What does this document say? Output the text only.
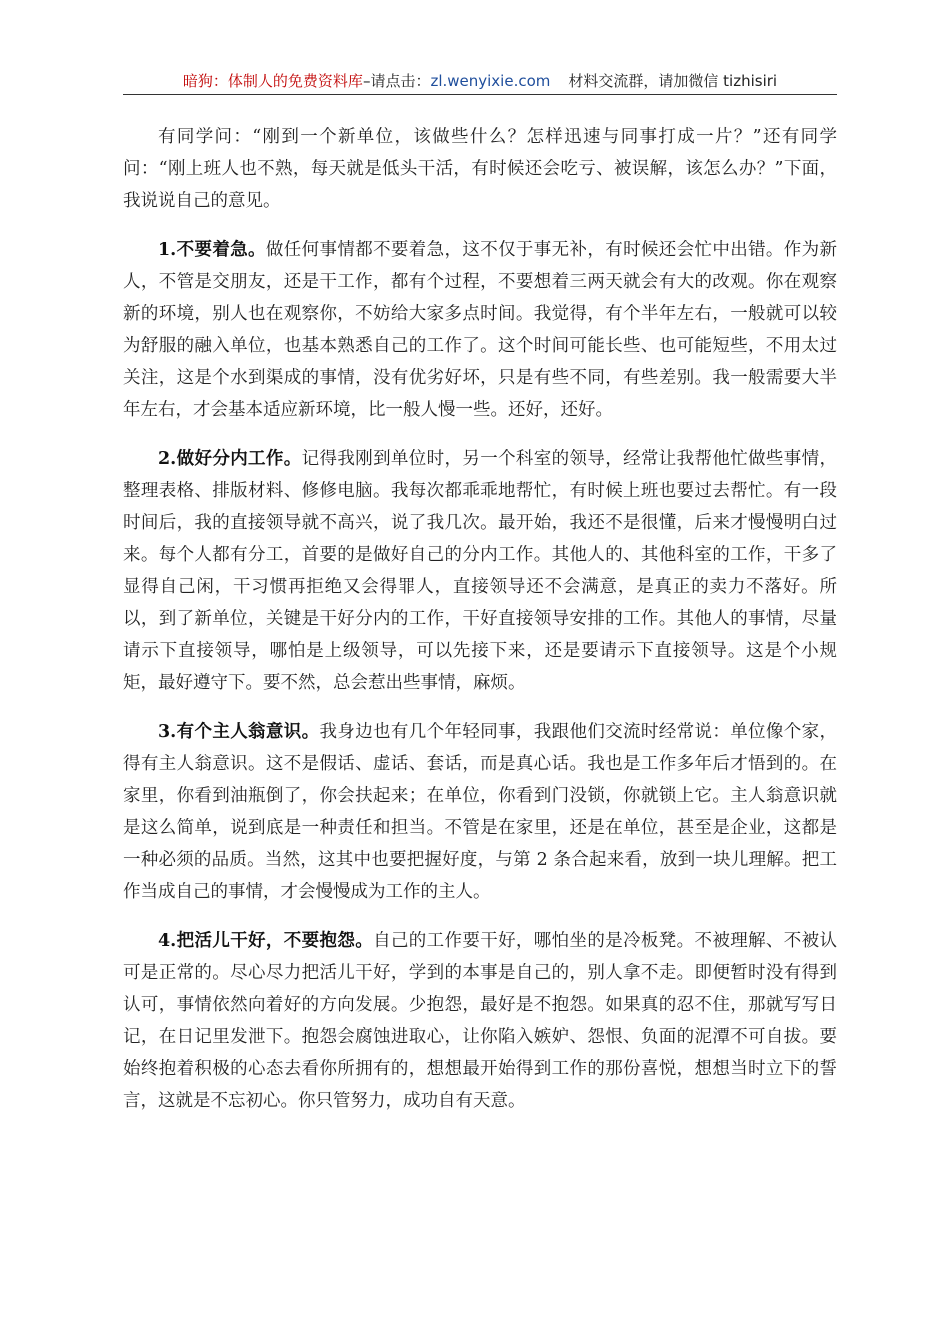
暗狗：体制人的免费资料库–请点击：zl.wenyixie.com 材料交流群，请加微信 tizhisiri

有同学问：“刚到一个新单位，该做些什么？怎样迅速与同事打成一片？”还有同学问：“刚上班人也不熟，每天就是低头干活，有时候还会吃亏、被误解，该怎么办？”下面，我说说自己的意见。

1.不要着急。做任何事情都不要着急，这不仅于事无补，有时候还会忙中出错。作为新人，不管是交朋友，还是干工作，都有个过程，不要想着三两天就会有大的改观。你在观察新的环境，别人也在观察你，不妨给大家多点时间。我觉得，有个半年左右，一般就可以较为舒服的融入单位，也基本熟悉自己的工作了。这个时间可能长些、也可能短些，不用太过关注，这是个水到渠成的事情，没有优劣好坏，只是有些不同，有些差别。我一般需要大半年左右，才会基本适应新环境，比一般人慢一些。还好，还好。

2.做好分内工作。记得我刚到单位时，另一个科室的领导，经常让我帮他忙做些事情，整理表格、排版材料、修修电脑。我每次都乖乖地帮忙，有时候上班也要过去帮忙。有一段时间后，我的直接领导就不高兴，说了我几次。最开始，我还不是很懂，后来才慢慢明白过来。每个人都有分工，首要的是做好自己的分内工作。其他人的、其他科室的工作，干多了显得自己闲，干习惯再拒绝又会得罪人，直接领导还不会满意，是真正的卖力不落好。所以，到了新单位，关键是干好分内的工作，干好直接领导安排的工作。其他人的事情，尽量请示下直接领导，哪怕是上级领导，可以先接下来，还是要请示下直接领导。这是个小规矩，最好遵守下。要不然，总会惹出些事情，麻烦。

3.有个主人翁意识。我身边也有几个年轻同事，我跟他们交流时经常说：单位像个家，得有主人翁意识。这不是假话、虚话、套话，而是真心话。我也是工作多年后才悟到的。在家里，你看到油瓶倒了，你会扶起来；在单位，你看到门没锁，你就锁上它。主人翁意识就是这么简单，说到底是一种责任和担当。不管是在家里，还是在单位，甚至是企业，这都是一种必须的品质。当然，这其中也要把握好度，与第 2 条合起来看，放到一块儿理解。把工作当成自己的事情，才会慢慢成为工作的主人。

4.把活儿干好，不要抱怨。自己的工作要干好，哪怕坐的是冷板凳。不被理解、不被认可是正常的。尽心尽力把活儿干好，学到的本事是自己的，别人拿不走。即便暂时没有得到认可，事情依然向着好的方向发展。少抱怨，最好是不抱怨。如果真的忍不住，那就写写日记，在日记里发泄下。抱怨会腐蚀进取心，让你陷入嫉妒、怨恨、负面的泥潭不可自拔。要始终抱着积极的心态去看你所拥有的，想想最开始得到工作的那份喜悦，想想当时立下的誓言，这就是不忘初心。你只管努力，成功自有天意。
